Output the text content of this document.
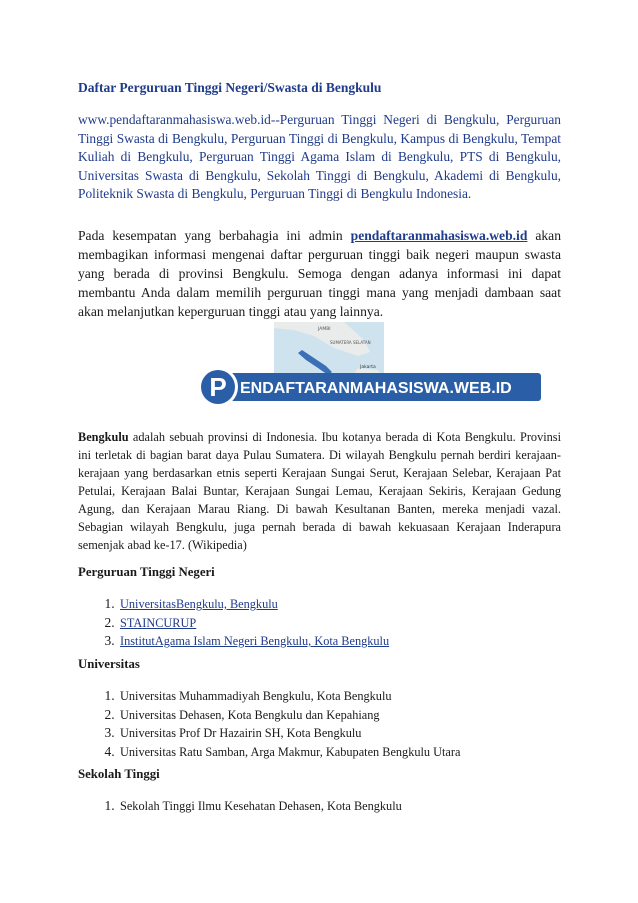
Daftar Perguruan Tinggi Negeri/Swasta di Bengkulu
www.pendaftaranmahasiswa.web.id--Perguruan Tinggi Negeri di Bengkulu, Perguruan Tinggi Swasta di Bengkulu, Perguruan Tinggi di Bengkulu, Kampus di Bengkulu, Tempat Kuliah di Bengkulu, Perguruan Tinggi Agama Islam di Bengkulu, PTS di Bengkulu, Universitas Swasta di Bengkulu, Sekolah Tinggi di Bengkulu, Akademi di Bengkulu, Politeknik Swasta di Bengkulu, Perguruan Tinggi di Bengkulu Indonesia.
Pada kesempatan yang berbahagia ini admin pendaftaranmahasiswa.web.id akan membagikan informasi mengenai daftar perguruan tinggi baik negeri maupun swasta yang berada di provinsi Bengkulu. Semoga dengan adanya informasi ini dapat membantu Anda dalam memilih perguruan tinggi mana yang menjadi dambaan saat akan melanjutkan keperguruan tinggi atau yang lainnya.
JAMBI
SUMATERA SELATAN
Jakarta
P ENDAFTARANMAHASISWA.WEB.ID
Bengkulu adalah sebuah provinsi di Indonesia. Ibu kotanya berada di Kota Bengkulu. Provinsi ini terletak di bagian barat daya Pulau Sumatera. Di wilayah Bengkulu pernah berdiri kerajaan-kerajaan yang berdasarkan etnis seperti Kerajaan Sungai Serut, Kerajaan Selebar, Kerajaan Pat Petulai, Kerajaan Balai Buntar, Kerajaan Sungai Lemau, Kerajaan Sekiris, Kerajaan Gedung Agung, dan Kerajaan Marau Riang. Di bawah Kesultanan Banten, mereka menjadi vazal. Sebagian wilayah Bengkulu, juga pernah berada di bawah kekuasaan Kerajaan Inderapura semenjak abad ke-17. (Wikipedia)
Perguruan Tinggi Negeri
1. UniversitasBengkulu, Bengkulu
2. STAINCURUP
3. InstitutAgama Islam Negeri Bengkulu, Kota Bengkulu
Universitas
1. Universitas Muhammadiyah Bengkulu, Kota Bengkulu
2. Universitas Dehasen, Kota Bengkulu dan Kepahiang
3. Universitas Prof Dr Hazairin SH, Kota Bengkulu
4. Universitas Ratu Samban, Arga Makmur, Kabupaten Bengkulu Utara
Sekolah Tinggi
1. Sekolah Tinggi Ilmu Kesehatan Dehasen, Kota Bengkulu
